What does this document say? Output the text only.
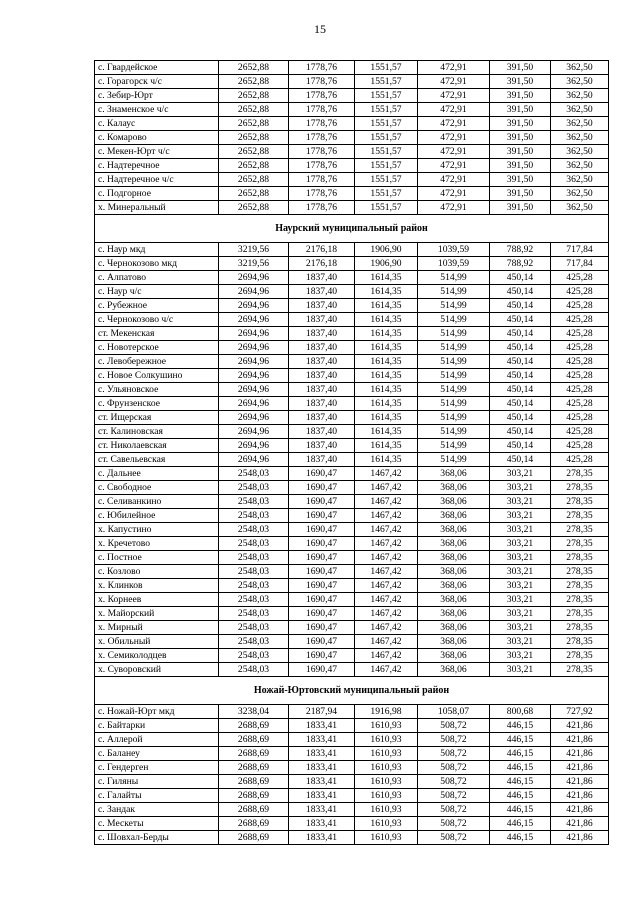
15
с. Гвардейское	2652,88	1778,76	1551,57	472,91	391,50	362,50
с. Горагорск ч/с	2652,88	1778,76	1551,57	472,91	391,50	362,50
с. Зебир-Юрт	2652,88	1778,76	1551,57	472,91	391,50	362,50
с. Знаменское ч/с	2652,88	1778,76	1551,57	472,91	391,50	362,50
с. Калаус	2652,88	1778,76	1551,57	472,91	391,50	362,50
с. Комарово	2652,88	1778,76	1551,57	472,91	391,50	362,50
с. Мекен-Юрт ч/с	2652,88	1778,76	1551,57	472,91	391,50	362,50
с. Надтеречное	2652,88	1778,76	1551,57	472,91	391,50	362,50
с. Надтеречное ч/с	2652,88	1778,76	1551,57	472,91	391,50	362,50
с. Подгорное	2652,88	1778,76	1551,57	472,91	391,50	362,50
х. Минеральный	2652,88	1778,76	1551,57	472,91	391,50	362,50
Наурский муниципальный район						
с. Наур мкд	3219,56	2176,18	1906,90	1039,59	788,92	717,84
с. Чернокозово мкд	3219,56	2176,18	1906,90	1039,59	788,92	717,84
с. Алпатово	2694,96	1837,40	1614,35	514,99	450,14	425,28
с. Наур ч/с	2694,96	1837,40	1614,35	514,99	450,14	425,28
с. Рубежное	2694,96	1837,40	1614,35	514,99	450,14	425,28
с. Чернокозово ч/с	2694,96	1837,40	1614,35	514,99	450,14	425,28
ст. Мекенская	2694,96	1837,40	1614,35	514,99	450,14	425,28
с. Новотерское	2694,96	1837,40	1614,35	514,99	450,14	425,28
с. Левобережное	2694,96	1837,40	1614,35	514,99	450,14	425,28
с. Новое Солкушино	2694,96	1837,40	1614,35	514,99	450,14	425,28
с. Ульяновское	2694,96	1837,40	1614,35	514,99	450,14	425,28
с. Фрунзенское	2694,96	1837,40	1614,35	514,99	450,14	425,28
ст. Ищерская	2694,96	1837,40	1614,35	514,99	450,14	425,28
ст. Калиновская	2694,96	1837,40	1614,35	514,99	450,14	425,28
ст. Николаевская	2694,96	1837,40	1614,35	514,99	450,14	425,28
ст. Савельевская	2694,96	1837,40	1614,35	514,99	450,14	425,28
с. Дальнее	2548,03	1690,47	1467,42	368,06	303,21	278,35
с. Свободное	2548,03	1690,47	1467,42	368,06	303,21	278,35
с. Селиванкино	2548,03	1690,47	1467,42	368,06	303,21	278,35
с. Юбилейное	2548,03	1690,47	1467,42	368,06	303,21	278,35
х. Капустино	2548,03	1690,47	1467,42	368,06	303,21	278,35
х. Кречетово	2548,03	1690,47	1467,42	368,06	303,21	278,35
с. Постное	2548,03	1690,47	1467,42	368,06	303,21	278,35
с. Козлово	2548,03	1690,47	1467,42	368,06	303,21	278,35
х. Клинков	2548,03	1690,47	1467,42	368,06	303,21	278,35
х. Корнеев	2548,03	1690,47	1467,42	368,06	303,21	278,35
х. Майорский	2548,03	1690,47	1467,42	368,06	303,21	278,35
х. Мирный	2548,03	1690,47	1467,42	368,06	303,21	278,35
х. Обильный	2548,03	1690,47	1467,42	368,06	303,21	278,35
х. Семиколодцев	2548,03	1690,47	1467,42	368,06	303,21	278,35
х. Суворовский	2548,03	1690,47	1467,42	368,06	303,21	278,35
Ножай-Юртовский муниципальный район						
с. Ножай-Юрт мкд	3238,04	2187,94	1916,98	1058,07	800,68	727,92
с. Байтарки	2688,69	1833,41	1610,93	508,72	446,15	421,86
с. Аллерой	2688,69	1833,41	1610,93	508,72	446,15	421,86
с. Баланеу	2688,69	1833,41	1610,93	508,72	446,15	421,86
с. Гендерген	2688,69	1833,41	1610,93	508,72	446,15	421,86
с. Гиляны	2688,69	1833,41	1610,93	508,72	446,15	421,86
с. Галайты	2688,69	1833,41	1610,93	508,72	446,15	421,86
с. Зандак	2688,69	1833,41	1610,93	508,72	446,15	421,86
с. Мескеты	2688,69	1833,41	1610,93	508,72	446,15	421,86
с. Шовхал-Берды	2688,69	1833,41	1610,93	508,72	446,15	421,86
